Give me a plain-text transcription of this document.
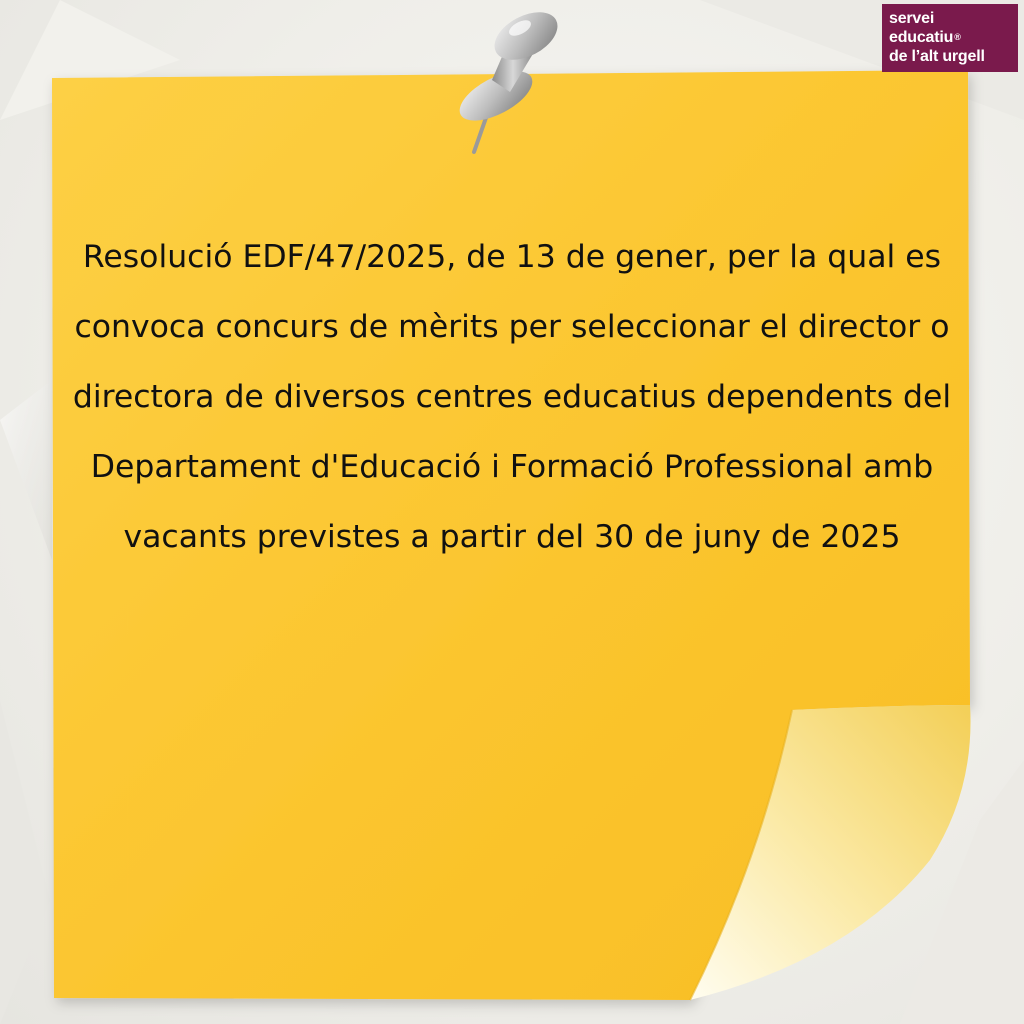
servei
educatiu®
de l’alt urgell

Resolució EDF/47/2025, de 13 de gener, per la qual es convoca concurs de mèrits per seleccionar el director o directora de diversos centres educatius dependents del Departament d'Educació i Formació Professional amb vacants previstes a partir del 30 de juny de 2025
